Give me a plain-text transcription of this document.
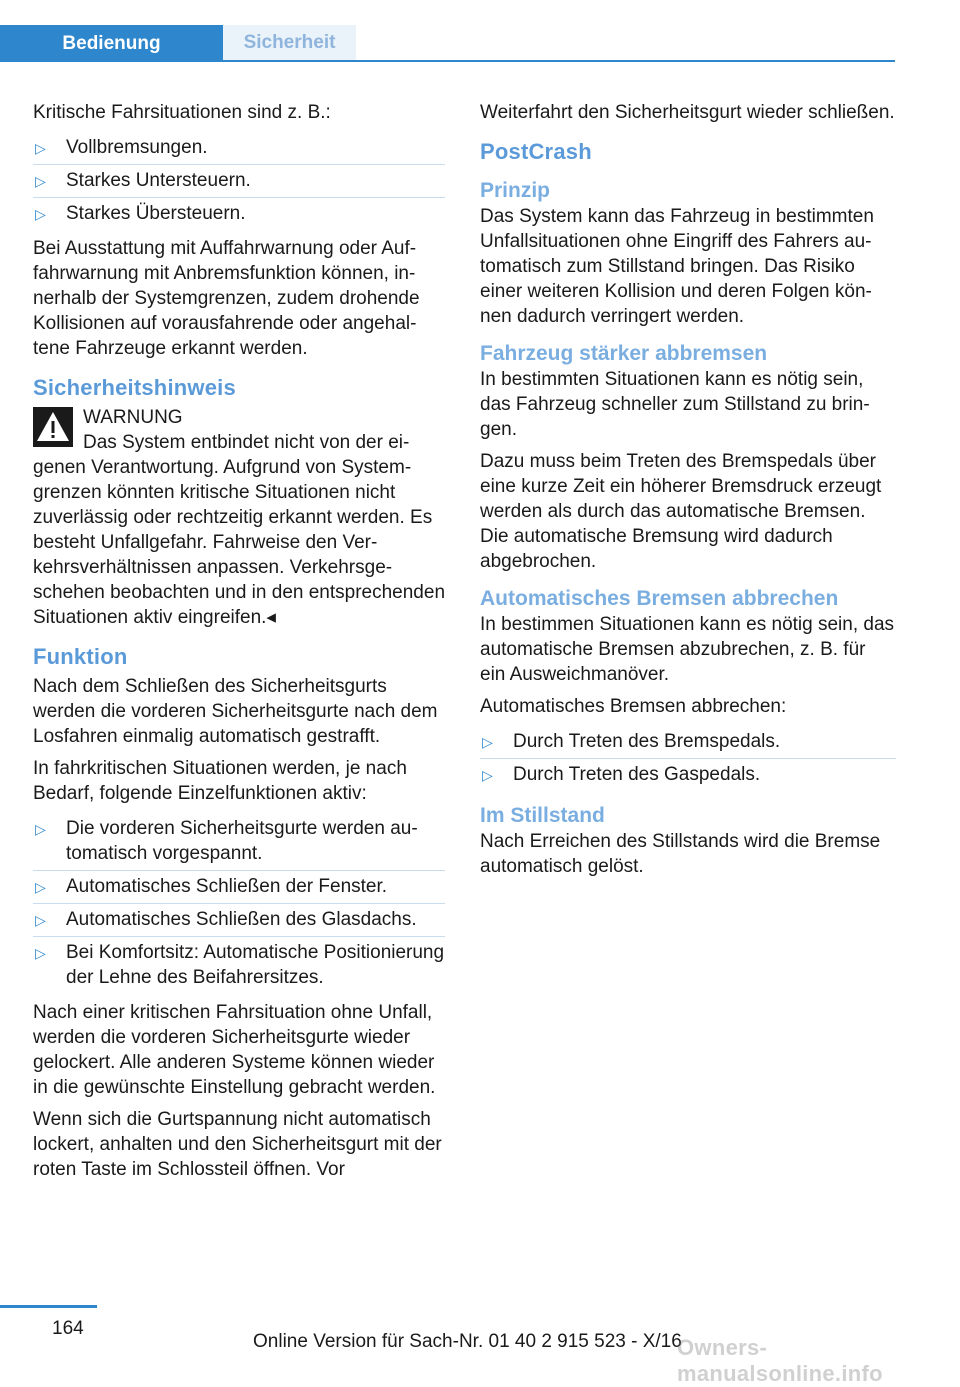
Bedienung	Sicherheit

Kritische Fahrsituationen sind z. B.:

▷ Vollbremsungen.
▷ Starkes Untersteuern.
▷ Starkes Übersteuern.

Bei Ausstattung mit Auffahrwarnung oder Auffahrwarnung mit Anbremsfunktion können, innerhalb der Systemgrenzen, zudem drohende Kollisionen auf vorausfahrende oder angehaltene Fahrzeuge erkannt werden.

Sicherheitshinweis
WARNUNG

Das System entbindet nicht von der eigenen Verantwortung. Aufgrund von Systemgrenzen könnten kritische Situationen nicht zuverlässig oder rechtzeitig erkannt werden. Es besteht Unfallgefahr. Fahrweise den Verkehrsverhältnissen anpassen. Verkehrsgeschehen beobachten und in den entsprechenden Situationen aktiv eingreifen.◂

Funktion

Nach dem Schließen des Sicherheitsgurts werden die vorderen Sicherheitsgurte nach dem Losfahren einmalig automatisch gestrafft.

In fahrkritischen Situationen werden, je nach Bedarf, folgende Einzelfunktionen aktiv:

▷ Die vorderen Sicherheitsgurte werden automatisch vorgespannt.
▷ Automatisches Schließen der Fenster.
▷ Automatisches Schließen des Glasdachs.
▷ Bei Komfortsitz: Automatische Positionierung der Lehne des Beifahrersitzes.

Nach einer kritischen Fahrsituation ohne Unfall, werden die vorderen Sicherheitsgurte wieder gelockert. Alle anderen Systeme können wieder in die gewünschte Einstellung gebracht werden.

Wenn sich die Gurtspannung nicht automatisch lockert, anhalten und den Sicherheitsgurt mit der roten Taste im Schlossteil öffnen. Vor

Weiterfahrt den Sicherheitsgurt wieder schließen.

PostCrash
Prinzip

Das System kann das Fahrzeug in bestimmten Unfallsituationen ohne Eingriff des Fahrers automatisch zum Stillstand bringen. Das Risiko einer weiteren Kollision und deren Folgen können dadurch verringert werden.

Fahrzeug stärker abbremsen

In bestimmten Situationen kann es nötig sein, das Fahrzeug schneller zum Stillstand zu bringen.

Dazu muss beim Treten des Bremspedals über eine kurze Zeit ein höherer Bremsdruck erzeugt werden als durch das automatische Bremsen. Die automatische Bremsung wird dadurch abgebrochen.

Automatisches Bremsen abbrechen

In bestimmen Situationen kann es nötig sein, das automatische Bremsen abzubrechen, z. B. für ein Ausweichmanöver.

Automatisches Bremsen abbrechen:

▷ Durch Treten des Bremspedals.
▷ Durch Treten des Gaspedals.
Im Stillstand

Nach Erreichen des Stillstands wird die Bremse automatisch gelöst.

164
Online Version für Sach-Nr. 01 40 2 915 523 - X/16
Owners-manualsonline.info
